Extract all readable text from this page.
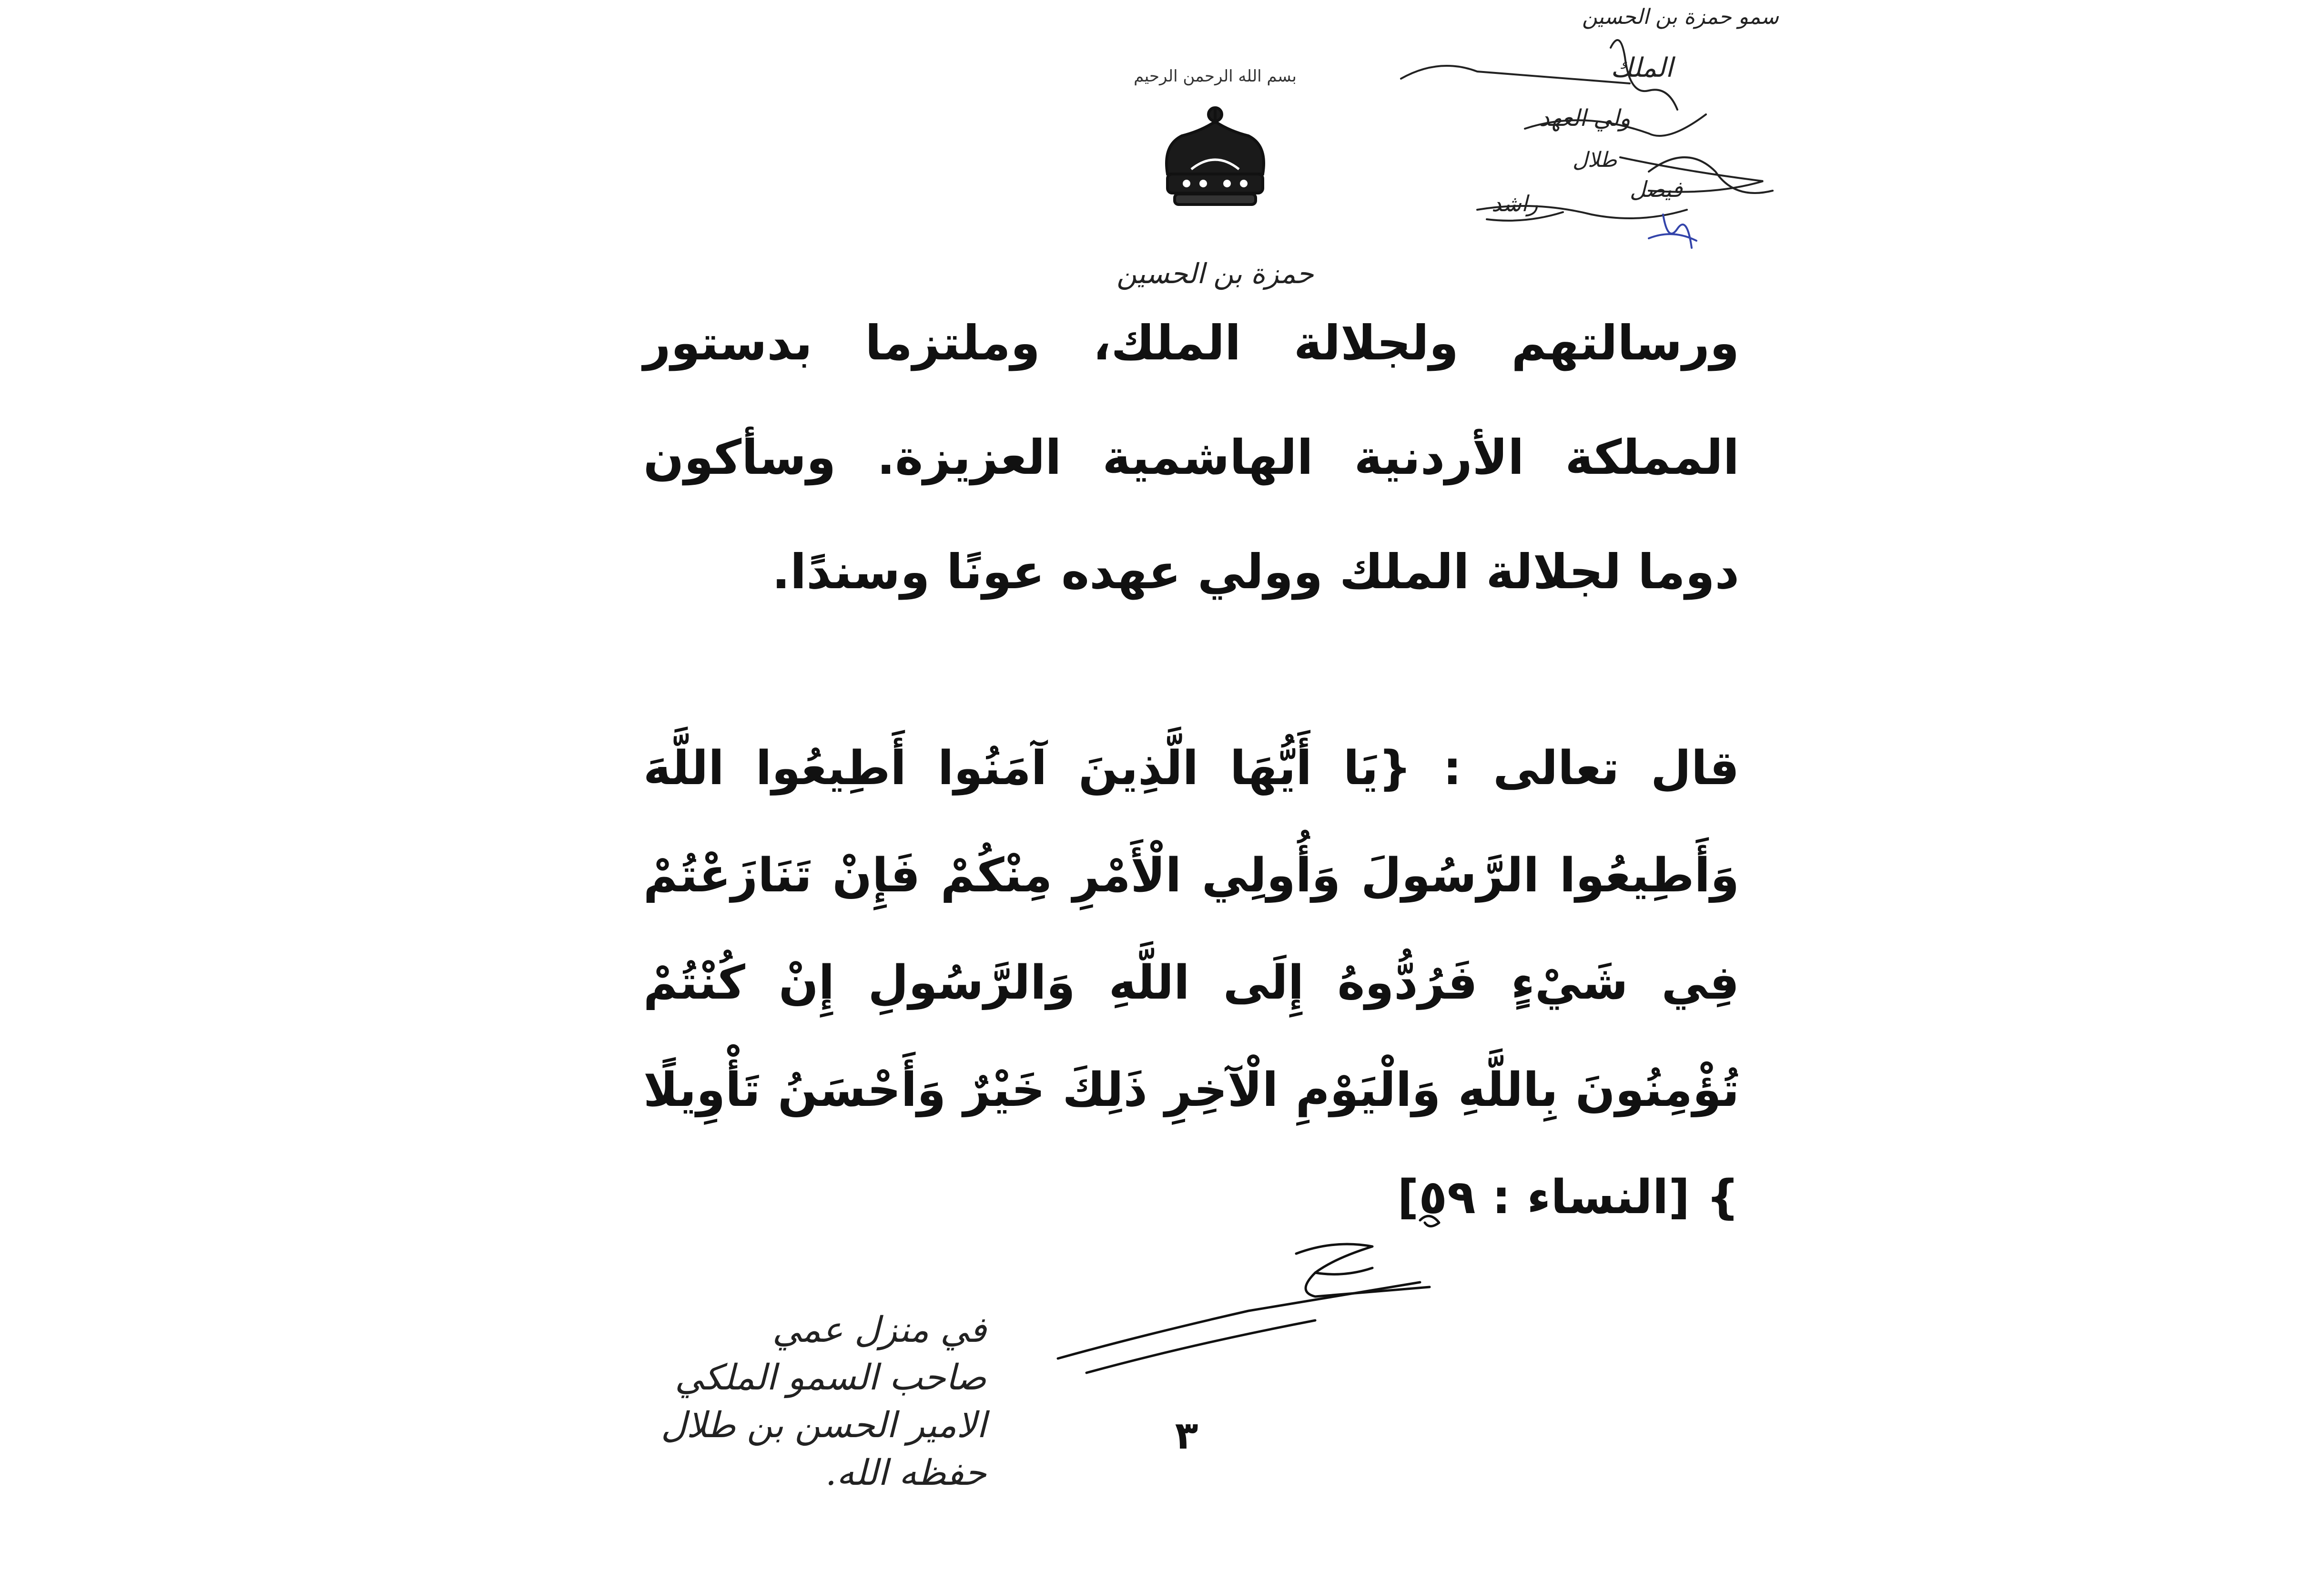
بسم الله الرحمن الرحيم
حمزة بن الحسين
سمو حمزة بن الحسين
الملك
ولي العهد
طلال
فيصل
راشد

ورسالتهم ولجلالة الملك، وملتزما بدستور المملكة الأردنية الهاشمية العزيزة. وسأكون دوما لجلالة الملك وولي عهده عونًا وسندًا.

قال تعالى : {يَا أَيُّهَا الَّذِينَ آمَنُوا أَطِيعُوا اللَّهَ وَأَطِيعُوا الرَّسُولَ وَأُولِي الْأَمْرِ مِنْكُمْ فَإِنْ تَنَازَعْتُمْ فِي شَيْءٍ فَرُدُّوهُ إِلَى اللَّهِ وَالرَّسُولِ إِنْ كُنْتُمْ تُؤْمِنُونَ بِاللَّهِ وَالْيَوْمِ الْآخِرِ ذَلِكَ خَيْرٌ وَأَحْسَنُ تَأْوِيلًا } [النساء : ٥٩]

في منزل عمي
صاحب السمو الملكي
الامير الحسن بن طلال
حفظه الله.
٣
